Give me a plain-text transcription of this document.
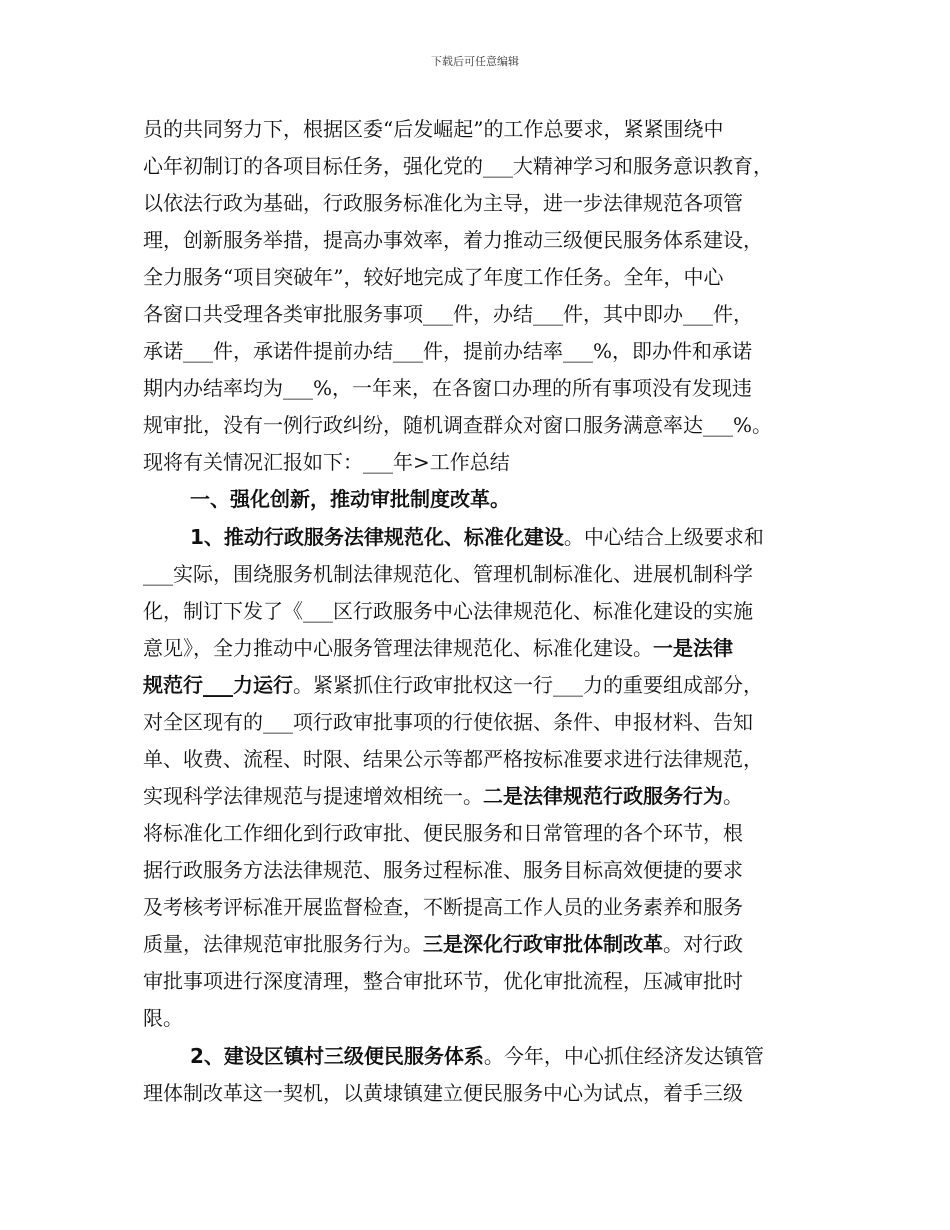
下载后可任意编辑
员的共同努力下，根据区委“后发崛起”的工作总要求，紧紧围绕中
心年初制订的各项目标任务，强化党的___大精神学习和服务意识教育，
以依法行政为基础，行政服务标准化为主导，进一步法律规范各项管
理，创新服务举措，提高办事效率，着力推动三级便民服务体系建设，
全力服务“项目突破年”，较好地完成了年度工作任务。全年，中心
各窗口共受理各类审批服务事项___件，办结___件，其中即办___件，
承诺___件，承诺件提前办结___件，提前办结率___%，即办件和承诺
期内办结率均为___%，一年来，在各窗口办理的所有事项没有发现违
规审批，没有一例行政纠纷，随机调查群众对窗口服务满意率达___%。
现将有关情况汇报如下：___年>工作总结
一、强化创新，推动审批制度改革。
1、推动行政服务法律规范化、标准化建设。中心结合上级要求和
___实际，围绕服务机制法律规范化、管理机制标准化、进展机制科学
化，制订下发了《___区行政服务中心法律规范化、标准化建设的实施
意见》，全力推动中心服务管理法律规范化、标准化建设。一是法律
规范行___力运行。紧紧抓住行政审批权这一行___力的重要组成部分，
对全区现有的___项行政审批事项的行使依据、条件、申报材料、告知
单、收费、流程、时限、结果公示等都严格按标准要求进行法律规范，
实现科学法律规范与提速增效相统一。二是法律规范行政服务行为。
将标准化工作细化到行政审批、便民服务和日常管理的各个环节，根
据行政服务方法法律规范、服务过程标准、服务目标高效便捷的要求
及考核考评标准开展监督检查，不断提高工作人员的业务素养和服务
质量，法律规范审批服务行为。三是深化行政审批体制改革。对行政
审批事项进行深度清理，整合审批环节，优化审批流程，压减审批时
限。
2、建设区镇村三级便民服务体系。今年，中心抓住经济发达镇管
理体制改革这一契机，以黄埭镇建立便民服务中心为试点，着手三级
